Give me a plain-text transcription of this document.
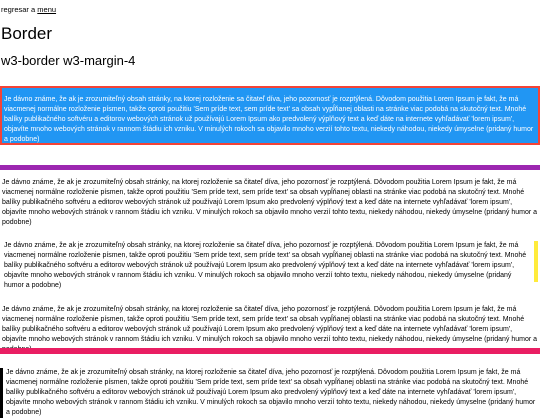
regresar a menu
Border
w3-border w3-margin-4
Je dávno známe, že ak je zrozumiteľný obsah stránky, na ktorej rozloženie sa čitateľ díva, jeho pozornosť je rozptýlená. Dôvodom použitia Lorem Ipsum je fakt, že má viacmenej normálne rozloženie písmen, takže oproti použitiu 'Sem príde text, sem príde text' sa obsah vypĺňanej oblasti na stránke viac podobá na skutočný text. Mnohé balíky publikačného softvéru a editorov webových stránok už používajú Lorem Ipsum ako predvolený výplňový text a keď dáte na internete vyhľadávať 'lorem ipsum', objavíte mnoho webových stránok v rannom štádiu ich vzniku. V minulých rokoch sa objavilo mnoho verzií tohto textu, niekedy náhodou, niekedy úmyselne (pridaný humor a podobne)
Je dávno známe, že ak je zrozumiteľný obsah stránky, na ktorej rozloženie sa čitateľ díva, jeho pozornosť je rozptýlená. Dôvodom použitia Lorem Ipsum je fakt, že má viacmenej normálne rozloženie písmen, takže oproti použitiu 'Sem príde text, sem príde text' sa obsah vypĺňanej oblasti na stránke viac podobá na skutočný text. Mnohé balíky publikačného softvéru a editorov webových stránok už používajú Lorem Ipsum ako predvolený výplňový text a keď dáte na internete vyhľadávať 'lorem ipsum', objavíte mnoho webových stránok v rannom štádiu ich vzniku. V minulých rokoch sa objavilo mnoho verzií tohto textu, niekedy náhodou, niekedy úmyselne (pridaný humor a podobne)
Je dávno známe, že ak je zrozumiteľný obsah stránky, na ktorej rozloženie sa čitateľ díva, jeho pozornosť je rozptýlená. Dôvodom použitia Lorem Ipsum je fakt, že má viacmenej normálne rozloženie písmen, takže oproti použitiu 'Sem príde text, sem príde text' sa obsah vypĺňanej oblasti na stránke viac podobá na skutočný text. Mnohé balíky publikačného softvéru a editorov webových stránok už používajú Lorem Ipsum ako predvolený výplňový text a keď dáte na internete vyhľadávať 'lorem ipsum', objavíte mnoho webových stránok v rannom štádiu ich vzniku. V minulých rokoch sa objavilo mnoho verzií tohto textu, niekedy náhodou, niekedy úmyselne (pridaný humor a podobne)
Je dávno známe, že ak je zrozumiteľný obsah stránky, na ktorej rozloženie sa čitateľ díva, jeho pozornosť je rozptýlená. Dôvodom použitia Lorem Ipsum je fakt, že má viacmenej normálne rozloženie písmen, takže oproti použitiu 'Sem príde text, sem príde text' sa obsah vypĺňanej oblasti na stránke viac podobá na skutočný text. Mnohé balíky publikačného softvéru a editorov webových stránok už používajú Lorem Ipsum ako predvolený výplňový text a keď dáte na internete vyhľadávať 'lorem ipsum', objavíte mnoho webových stránok v rannom štádiu ich vzniku. V minulých rokoch sa objavilo mnoho verzií tohto textu, niekedy náhodou, niekedy úmyselne (pridaný humor a
Je dávno známe, že ak je zrozumiteľný obsah stránky, na ktorej rozloženie sa čitateľ díva, jeho pozornosť je rozptýlená. Dôvodom použitia Lorem Ipsum je fakt, že má viacmenej normálne rozloženie písmen, takže oproti použitiu 'Sem príde text, sem príde text' sa obsah vypĺňanej oblasti na stránke viac podobá na skutočný text. Mnohé balíky publikačného softvéru a editorov webových stránok už používajú Lorem Ipsum ako predvolený výplňový text a keď dáte na internete vyhľadávať 'lorem ipsum', objavíte mnoho webových stránok v rannom štádiu ich vzniku. V minulých rokoch sa objavilo mnoho verzií tohto textu, niekedy náhodou, niekedy úmyselne (pridaný humor a podobne)
